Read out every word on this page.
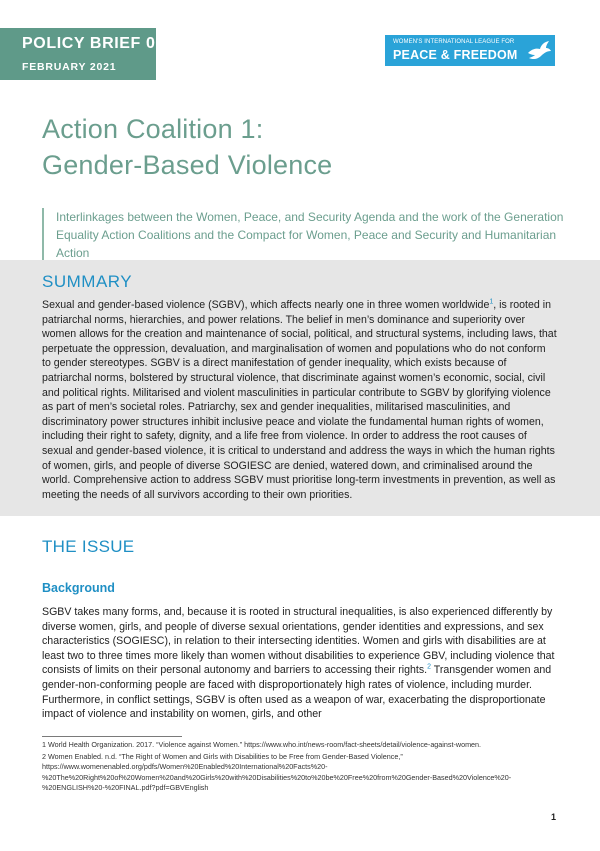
POLICY BRIEF 01
FEBRUARY 2021
WOMEN'S INTERNATIONAL LEAGUE FOR
PEACE & FREEDOM
Action Coalition 1:
Gender-Based Violence
Interlinkages between the Women, Peace, and Security Agenda and the work of the Generation Equality Action Coalitions and the Compact for Women, Peace and Security and Humanitarian Action
SUMMARY
Sexual and gender-based violence (SGBV), which affects nearly one in three women worldwide$^1$, is rooted in patriarchal norms, hierarchies, and power relations. The belief in men’s dominance and superiority over women allows for the creation and maintenance of social, political, and structural systems, including laws, that perpetuate the oppression, devaluation, and marginalisation of women and populations who do not conform to gender stereotypes. SGBV is a direct manifestation of gender inequality, which exists because of patriarchal norms, bolstered by structural violence, that discriminate against women’s economic, social, civil and political rights. Militarised and violent masculinities in particular contribute to SGBV by glorifying violence as part of men’s societal roles. Patriarchy, sex and gender inequalities, militarised masculinities, and discriminatory power structures inhibit inclusive peace and violate the fundamental human rights of women, including their right to safety, dignity, and a life free from violence. In order to address the root causes of sexual and gender-based violence, it is critical to understand and address the ways in which the human rights of women, girls, and people of diverse SOGIESC are denied, watered down, and criminalised around the world. Comprehensive action to address SGBV must prioritise long-term investments in prevention, as well as meeting the needs of all survivors according to their own priorities.
THE ISSUE
Background
SGBV takes many forms, and, because it is rooted in structural inequalities, is also experienced differently by diverse women, girls, and people of diverse sexual orientations, gender identities and expressions, and sex characteristics (SOGIESC), in relation to their intersecting identities. Women and girls with disabilities are at least two to three times more likely than women without disabilities to experience GBV, including violence that consists of limits on their personal autonomy and barriers to accessing their rights.$^2$ Transgender women and gender-non-conforming people are faced with disproportionately high rates of violence, including murder. Furthermore, in conflict settings, SGBV is often used as a weapon of war, exacerbating the disproportionate impact of violence and instability on women, girls, and other
1 World Health Organization. 2017. “Violence against Women.” https://www.who.int/news-room/fact-sheets/detail/violence-against-women.
2 Women Enabled. n.d. “The Right of Women and Girls with Disabilities to be Free from Gender-Based Violence,” https://www.womenenabled.org/pdfs/Women%20Enabled%20International%20Facts%20-%20The%20Right%20of%20Women%20and%20Girls%20with%20Disabilities%20to%20be%20Free%20from%20Gender-Based%20Violence%20-%20ENGLISH%20-%20FINAL.pdf?pdf=GBVEnglish
1
